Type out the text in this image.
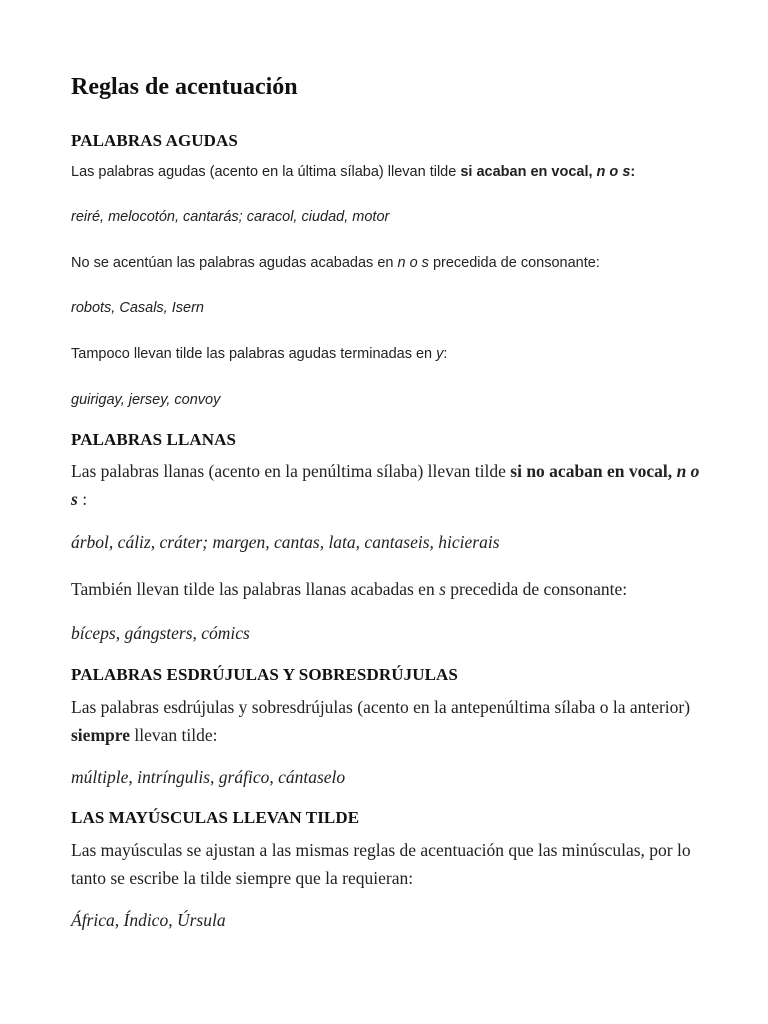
Reglas de acentuación
PALABRAS AGUDAS

Las palabras agudas (acento en la última sílaba) llevan tilde si acaban en vocal, n o s:

reiré, melocotón, cantarás; caracol, ciudad, motor

No se acentúan las palabras agudas acabadas en n o s precedida de consonante:

robots, Casals, Isern

Tampoco llevan tilde las palabras agudas terminadas en y:

guirigay, jersey, convoy

PALABRAS LLANAS

Las palabras llanas (acento en la penúltima sílaba) llevan tilde si no acaban en vocal, n o s :

árbol, cáliz, cráter; margen, cantas, lata, cantaseis, hicierais

También llevan tilde las palabras llanas acabadas en s precedida de consonante:

bíceps, gángsters, cómics

PALABRAS ESDRÚJULAS Y SOBRESDRÚJULAS

Las palabras esdrújulas y sobresdrújulas (acento en la antepenúltima sílaba o la anterior) siempre llevan tilde:

múltiple, intríngulis, gráfico, cántaselo

LAS MAYÚSCULAS LLEVAN TILDE

Las mayúsculas se ajustan a las mismas reglas de acentuación que las minúsculas, por lo tanto se escribe la tilde siempre que la requieran:

África, Índico, Úrsula
